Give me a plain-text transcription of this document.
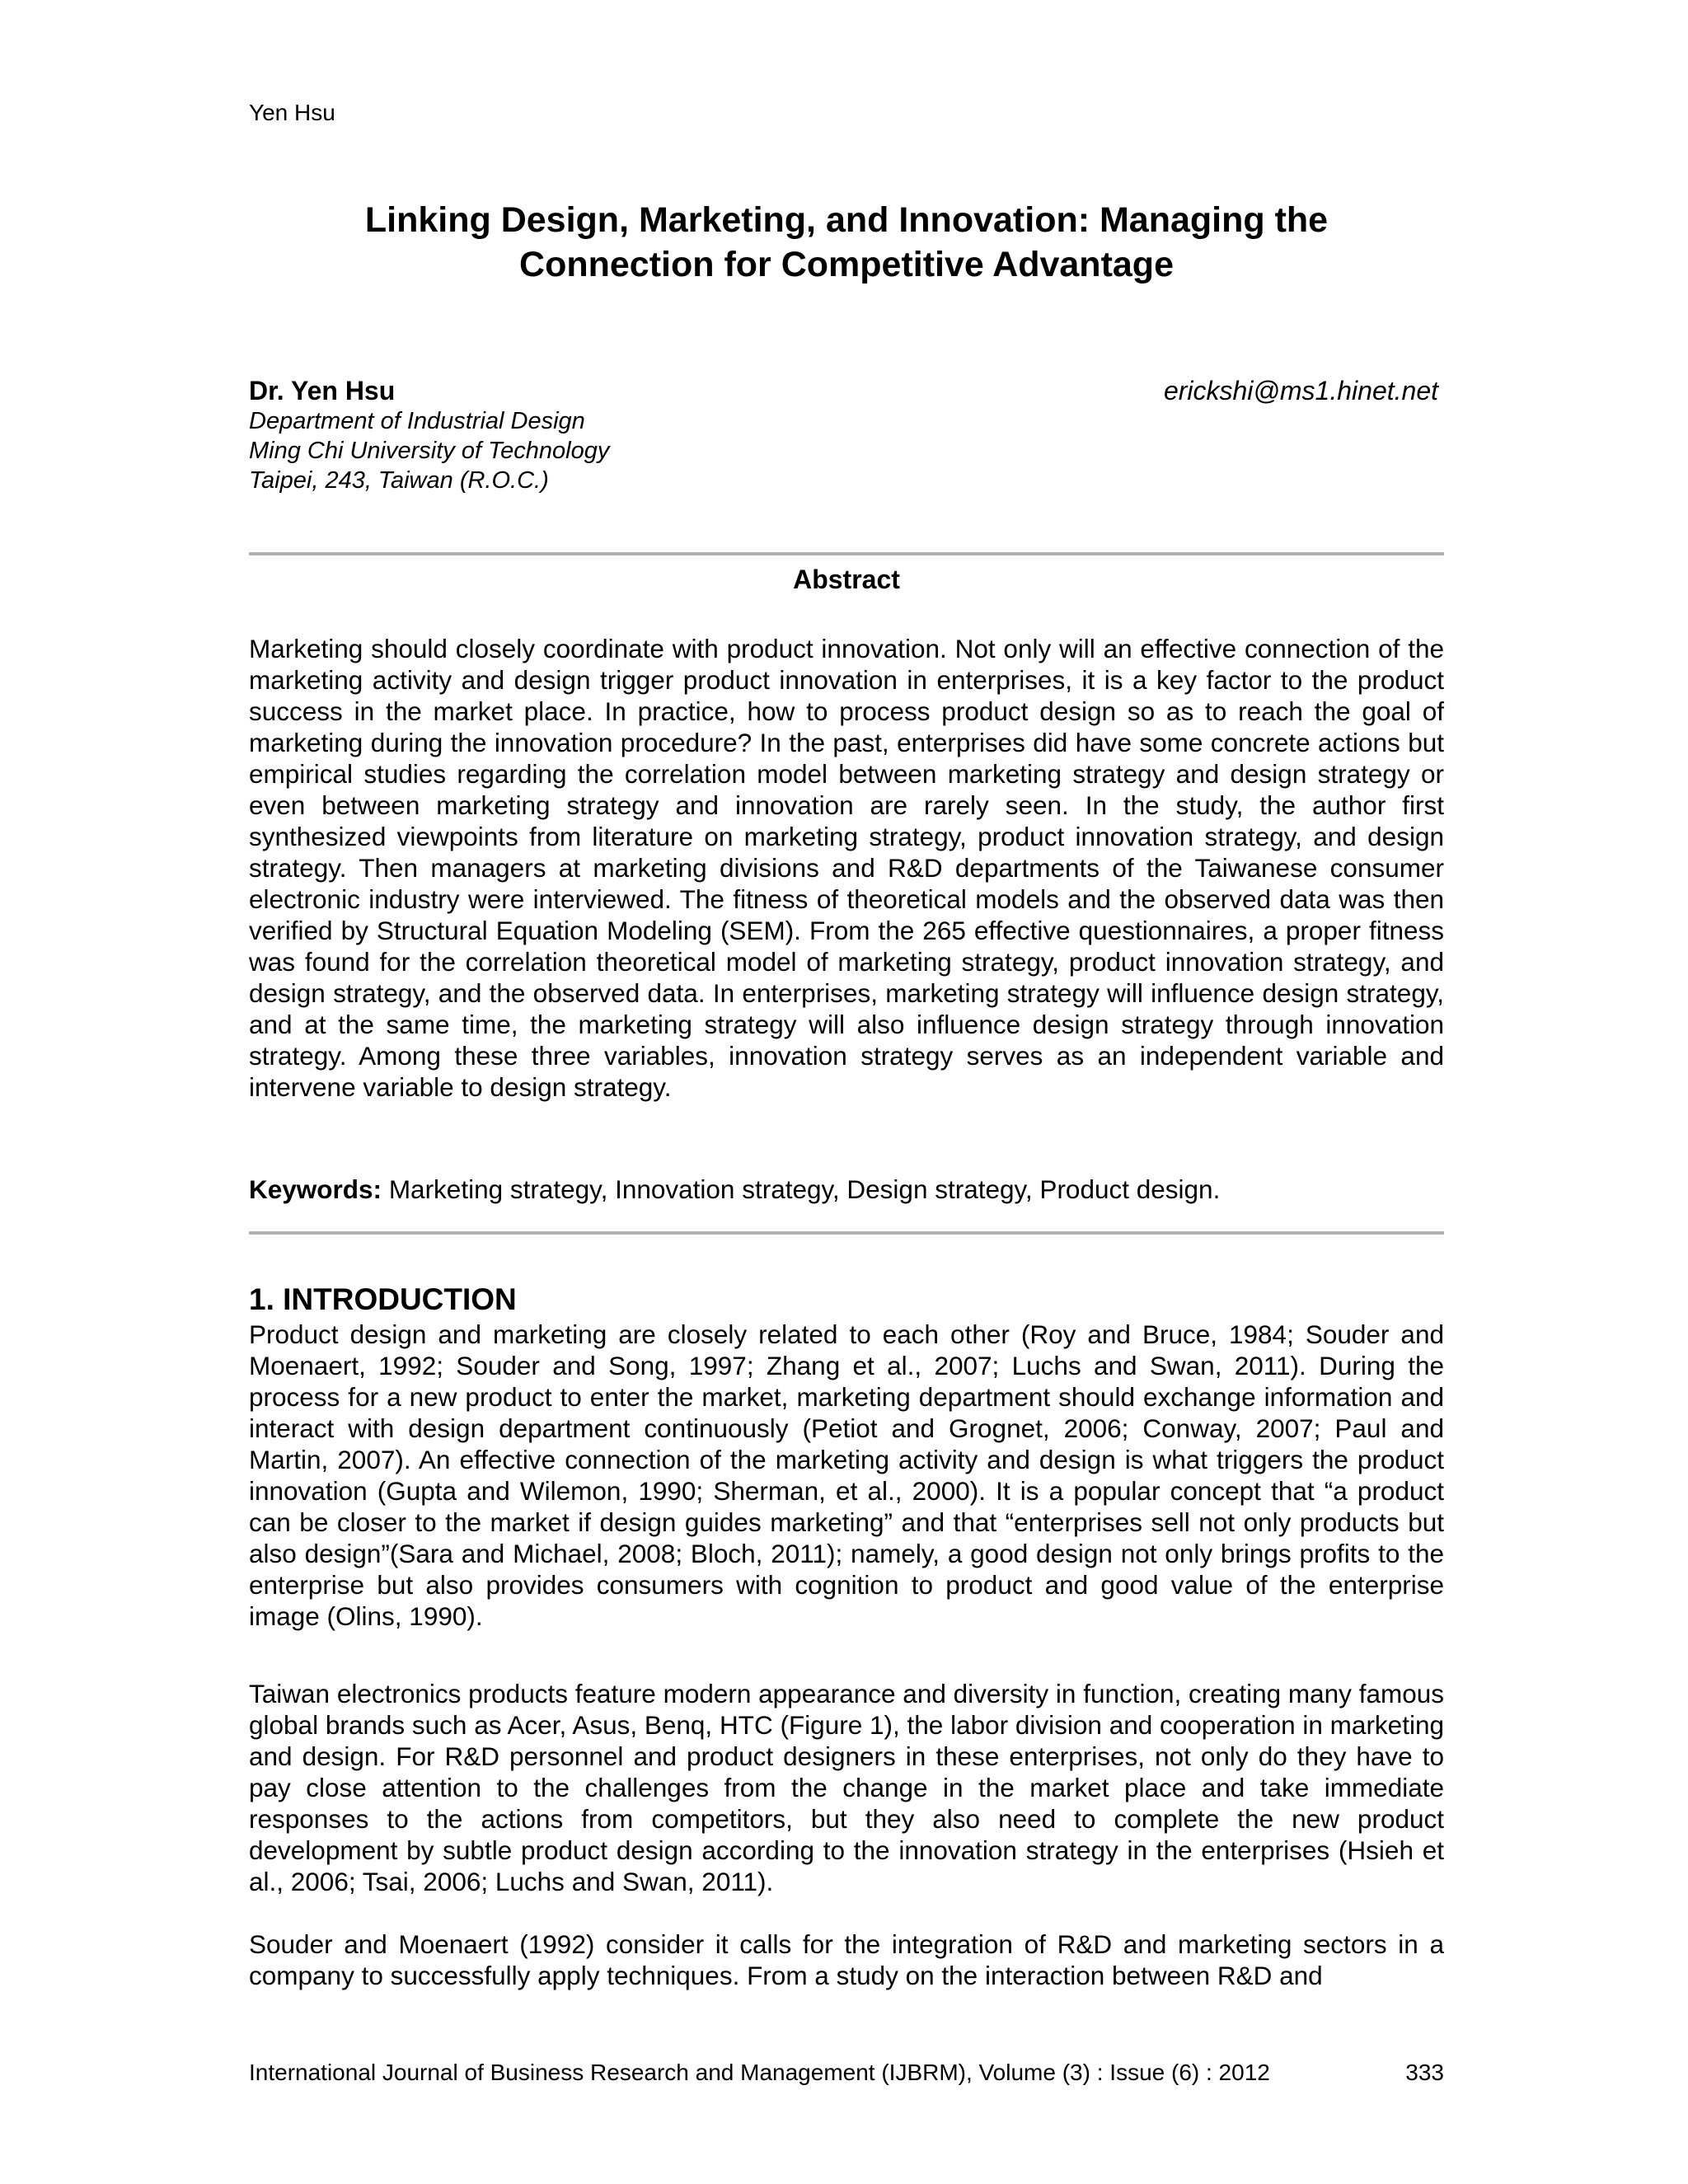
Yen Hsu
Linking Design, Marketing, and Innovation: Managing the
Connection for Competitive Advantage
Dr. Yen Hsu
Department of Industrial Design
Ming Chi University of Technology
Taipei, 243, Taiwan (R.O.C.)
erickshi@ms1.hinet.net
Abstract
Marketing should closely coordinate with product innovation. Not only will an effective connection of the marketing activity and design trigger product innovation in enterprises, it is a key factor to the product success in the market place. In practice, how to process product design so as to reach the goal of marketing during the innovation procedure? In the past, enterprises did have some concrete actions but empirical studies regarding the correlation model between marketing strategy and design strategy or even between marketing strategy and innovation are rarely seen. In the study, the author first synthesized viewpoints from literature on marketing strategy, product innovation strategy, and design strategy. Then managers at marketing divisions and R&D departments of the Taiwanese consumer electronic industry were interviewed. The fitness of theoretical models and the observed data was then verified by Structural Equation Modeling (SEM). From the 265 effective questionnaires, a proper fitness was found for the correlation theoretical model of marketing strategy, product innovation strategy, and design strategy, and the observed data. In enterprises, marketing strategy will influence design strategy, and at the same time, the marketing strategy will also influence design strategy through innovation strategy. Among these three variables, innovation strategy serves as an independent variable and intervene variable to design strategy.
Keywords: Marketing strategy, Innovation strategy, Design strategy, Product design.
1. INTRODUCTION
Product design and marketing are closely related to each other (Roy and Bruce, 1984; Souder and Moenaert, 1992; Souder and Song, 1997; Zhang et al., 2007; Luchs and Swan, 2011). During the process for a new product to enter the market, marketing department should exchange information and interact with design department continuously (Petiot and Grognet, 2006; Conway, 2007; Paul and Martin, 2007). An effective connection of the marketing activity and design is what triggers the product innovation (Gupta and Wilemon, 1990; Sherman, et al., 2000). It is a popular concept that “a product can be closer to the market if design guides marketing” and that “enterprises sell not only products but also design”(Sara and Michael, 2008; Bloch, 2011); namely, a good design not only brings profits to the enterprise but also provides consumers with cognition to product and good value of the enterprise image (Olins, 1990).
Taiwan electronics products feature modern appearance and diversity in function, creating many famous global brands such as Acer, Asus, Benq, HTC (Figure 1), the labor division and cooperation in marketing and design. For R&D personnel and product designers in these enterprises, not only do they have to pay close attention to the challenges from the change in the market place and take immediate responses to the actions from competitors, but they also need to complete the new product development by subtle product design according to the innovation strategy in the enterprises (Hsieh et al., 2006; Tsai, 2006; Luchs and Swan, 2011).
Souder and Moenaert (1992) consider it calls for the integration of R&D and marketing sectors in a company to successfully apply techniques. From a study on the interaction between R&D and
International Journal of Business Research and Management (IJBRM), Volume (3) : Issue (6) : 2012	333
